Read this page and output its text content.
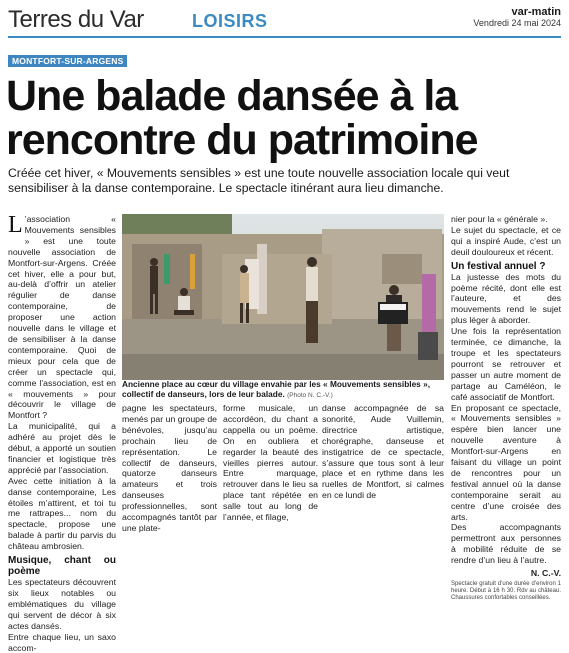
Terres du Var	LOISIRS	var-matin
Vendredi 24 mai 2024
MONTFORT-SUR-ARGENS
Une balade dansée à la rencontre du patrimoine
Créée cet hiver, « Mouvements sensibles » est une toute nouvelle association locale qui veut sensibiliser à la danse contemporaine. Le spectacle itinérant aura lieu dimanche.

L ’association « Mouvements sensibles » est une toute nouvelle association de Montfort-sur-Argens. Créée cet hiver, elle a pour but, au-delà d’offrir un atelier régulier de danse contemporaine, de proposer une action nouvelle dans le village et de sensibiliser à la danse contemporaine. Quoi de mieux pour cela que de créer un spectacle qui, comme l’association, est en « mouvements » pour découvrir le village de Montfort ?

La municipalité, qui a adhéré au projet dès le début, a apporté un soutien financier et logistique très apprécié par l’association.

Avec cette initiation à la danse contemporaine, Les étoiles m’attirent, et toi tu me rattrapes... nom du spectacle, propose une balade à partir du parvis du château ambrosien.

Musique, chant ou poème

Les spectateurs découvrent six lieux notables ou emblématiques du village qui servent de décor à six actes dansés.

Entre chaque lieu, un saxo accom-

Ancienne place au cœur du village envahie par les « Mouvements sensibles », collectif de danseurs, lors de leur balade. (Photo N. C.-V.)
pagne les spectateurs, menés par un groupe de bénévoles, jusqu’au prochain lieu de représentation. Le collectif de danseurs, quatorze danseurs amateurs et trois danseuses professionnelles, sont accompagnés tantôt par une plate-
forme musicale, un accordéon, du chant a cappella ou un poème. On en oubliera et regarder la beauté des vieilles pierres autour. Entre marquage, retrouver dans le lieu sa place tant répétée en salle tout au long de l’année, et filage,
danse accompagnée de sa sonorité, Aude Vuillemin, directrice artistique, chorégraphe, danseuse et instigatrice de ce spectacle, s’assure que tous sont à leur place et en rythme dans les ruelles de Montfort, si calmes en ce lundi de

nier pour la « générale ».

Le sujet du spectacle, et ce qui a inspiré Aude, c’est un deuil douloureux et récent.

Un festival annuel ?

La justesse des mots du poème récité, dont elle est l’auteure, et des mouvements rend le sujet plus léger à aborder.

Une fois la représentation terminée, ce dimanche, la troupe et les spectateurs pourront se retrouver et passer un autre moment de partage au Caméléon, le café associatif de Montfort.

En proposant ce spectacle, « Mouvements sensibles » espère bien lancer une nouvelle aventure à Montfort-sur-Argens en faisant du village un point de rencontres pour un festival annuel où la danse contemporaine serait au centre d’une croisée des arts.

Des accompagnants permettront aux personnes à mobilité réduite de se rendre d’un lieu à l’autre.

N. C.-V.
Spectacle gratuit d’une durée d’environ 1 heure. Début à 16 h 30. Rdv au château. Chaussures confortables conseillées.
